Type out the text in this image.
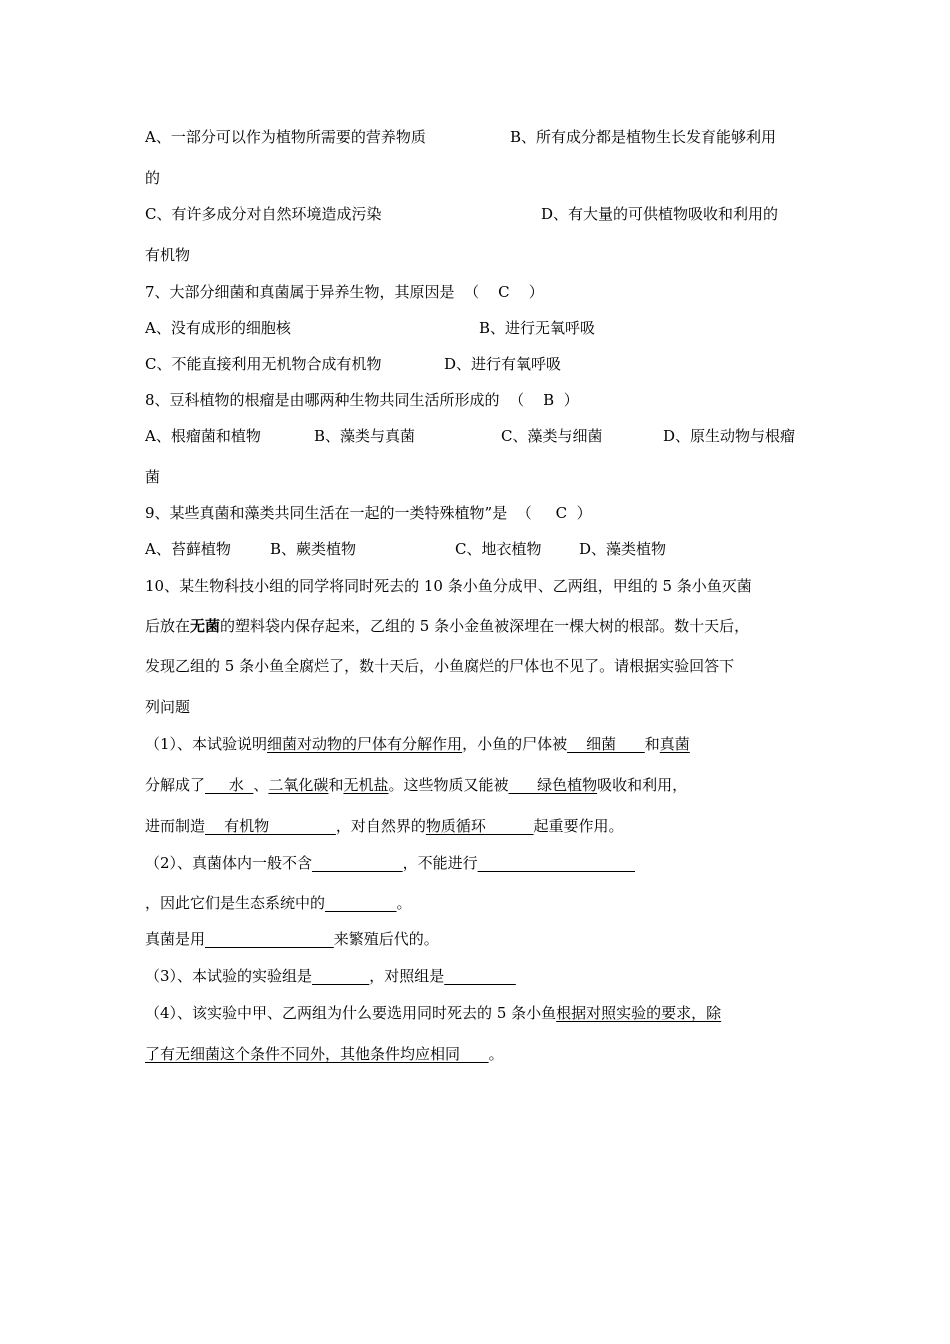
A、一部分可以作为植物所需要的营养物质	B、所有成分都是植物生长发育能够利用
的
C、有许多成分对自然环境造成污染	D、有大量的可供植物吸收和利用的
有机物
7、大部分细菌和真菌属于异养生物，其原因是  （    C    ）
A、没有成形的细胞核	B、进行无氧呼吸
C、不能直接利用无机物合成有机物	D、进行有氧呼吸
8、豆科植物的根瘤是由哪两种生物共同生活所形成的  （    B  ）
A、根瘤菌和植物	B、藻类与真菌	C、藻类与细菌	D、原生动物与根瘤
菌
9、某些真菌和藻类共同生活在一起的一类特殊植物”是  （     C  ）
A、苔藓植物	B、蕨类植物	C、地衣植物	D、藻类植物
10、某生物科技小组的同学将同时死去的 10 条小鱼分成甲、乙两组，甲组的 5 条小鱼灭菌
后放在无菌的塑料袋内保存起来，乙组的 5 条小金鱼被深埋在一棵大树的根部。数十天后，
发现乙组的 5 条小鱼全腐烂了，数十天后，小鱼腐烂的尸体也不见了。请根据实验回答下
列问题
（1）、本试验说明细菌对动物的尸体有分解作用，小鱼的尸体被    细菌      和真菌
分解成了     水  、二氧化碳和无机盐。这些物质又能被      绿色植物吸收和利用，
进而制造    有机物              ，对自然界的物质循环          起重要作用。
（2）、真菌体内一般不含	，不能进行
，因此它们是生态系统中的	。
真菌是用	来繁殖后代的。
（3）、本试验的实验组是	，对照组是
（4）、该实验中甲、乙两组为什么要选用同时死去的 5 条小鱼根据对照实验的要求，除
了有无细菌这个条件不同外，其他条件均应相同      。
